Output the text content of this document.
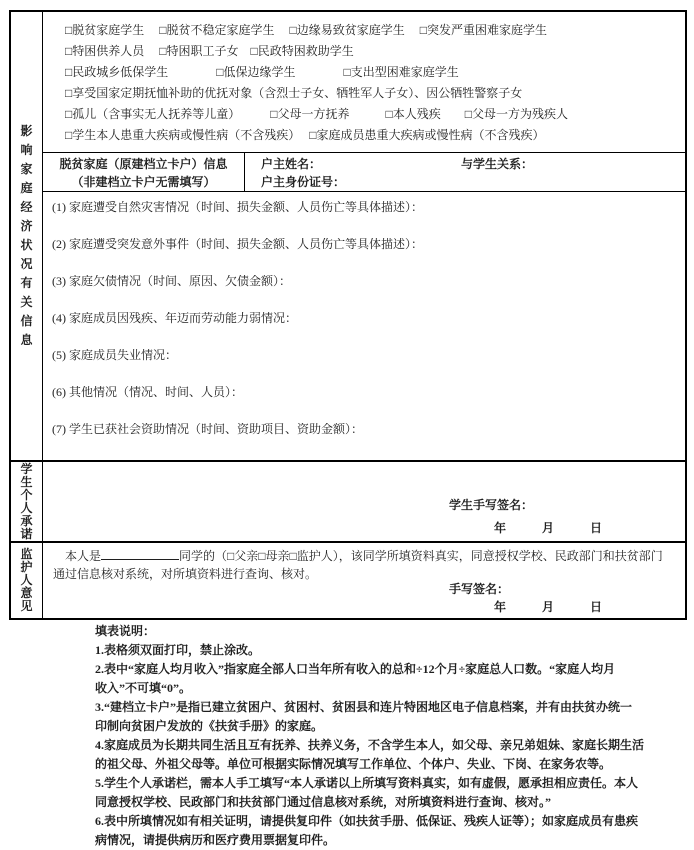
影响家庭经济状况有关信息
□脱贫家庭学生　 □脱贫不稳定家庭学生　 □边缘易致贫家庭学生　 □突发严重困难家庭学生
□特困供养人员　 □特困职工子女　□民政特困救助学生
□民政城乡低保学生　　　　□低保边缘学生　　　　□支出型困难家庭学生
□享受国家定期抚恤补助的优抚对象（含烈士子女、牺牲军人子女）、因公牺牲警察子女
□孤儿（含事实无人抚养等儿童）　　　□父母一方抚养　　　□本人残疾　　□父母一方为残疾人
□学生本人患重大疾病或慢性病（不含残疾）　 □家庭成员患重大疾病或慢性病（不含残疾）
脱贫家庭（原建档立卡户）信息
（非建档立卡户无需填写）
户主姓名：	与学生关系：
户主身份证号：
(1) 家庭遭受自然灾害情况（时间、损失金额、人员伤亡等具体描述）：
(2) 家庭遭受突发意外事件（时间、损失金额、人员伤亡等具体描述）：
(3) 家庭欠债情况（时间、原因、欠债金额）：
(4) 家庭成员因残疾、年迈而劳动能力弱情况：
(5) 家庭成员失业情况：
(6) 其他情况（情况、时间、人员）：
(7) 学生已获社会资助情况（时间、资助项目、资助金额）：
学生个人承诺
学生手写签名：
年　　　月　　　日
监护人意见
本人是	同学的（□父亲□母亲□监护人），该同学所填资料真实，同意授权学校、民政部门和扶贫部门通过信息核对系统，对所填资料进行查询、核对。
手写签名：
年　　　月　　　日
填表说明：
1.表格须双面打印，禁止涂改。
2.表中“家庭人均月收入”指家庭全部人口当年所有收入的总和÷12个月÷家庭总人口数。“家庭人均月
收入”不可填“0”。
3.“建档立卡户”是指已建立贫困户、贫困村、贫困县和连片特困地区电子信息档案，并有由扶贫办统一
印制向贫困户发放的《扶贫手册》的家庭。
4.家庭成员为长期共同生活且互有抚养、扶养义务，不含学生本人，如父母、亲兄弟姐妹、家庭长期生活
的祖父母、外祖父母等。单位可根据实际情况填写工作单位、个体户、失业、下岗、在家务农等。
5.学生个人承诺栏，需本人手工填写“本人承诺以上所填写资料真实，如有虚假，愿承担相应责任。本人
同意授权学校、民政部门和扶贫部门通过信息核对系统，对所填资料进行查询、核对。”
6.表中所填情况如有相关证明，请提供复印件（如扶贫手册、低保证、残疾人证等）；如家庭成员有患疾
病情况，请提供病历和医疗费用票据复印件。
